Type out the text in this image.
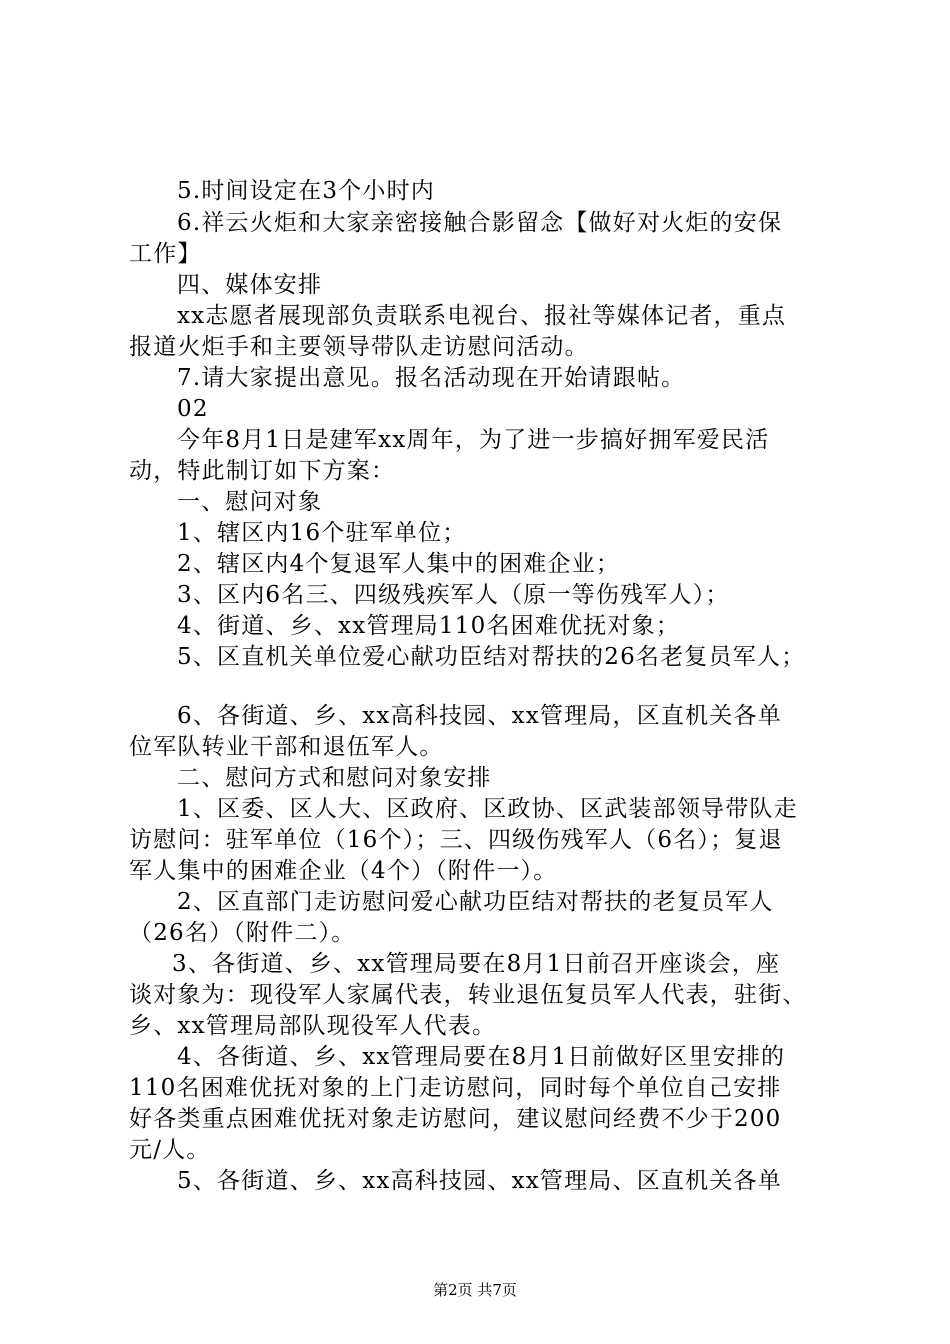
5.时间设定在3个小时内
6.祥云火炬和大家亲密接触合影留念【做好对火炬的安保
工作】
四、媒体安排
xx志愿者展现部负责联系电视台、报社等媒体记者，重点
报道火炬手和主要领导带队走访慰问活动。
7.请大家提出意见。报名活动现在开始请跟帖。
02
今年8月1日是建军xx周年，为了进一步搞好拥军爱民活
动，特此制订如下方案：
一、慰问对象
1、辖区内16个驻军单位；
2、辖区内4个复退军人集中的困难企业；
3、区内6名三、四级残疾军人（原一等伤残军人）；
4、街道、乡、xx管理局110名困难优抚对象；
5、区直机关单位爱心献功臣结对帮扶的26名老复员军人；
6、各街道、乡、xx高科技园、xx管理局，区直机关各单
位军队转业干部和退伍军人。
二、慰问方式和慰问对象安排
1、区委、区人大、区政府、区政协、区武装部领导带队走
访慰问：驻军单位（16个）；三、四级伤残军人（6名）；复退
军人集中的困难企业（4个）（附件一）。
2、区直部门走访慰问爱心献功臣结对帮扶的老复员军人
（26名）（附件二）。
3、各街道、乡、xx管理局要在8月1日前召开座谈会，座
谈对象为：现役军人家属代表，转业退伍复员军人代表，驻街、
乡、xx管理局部队现役军人代表。
4、各街道、乡、xx管理局要在8月1日前做好区里安排的
110名困难优抚对象的上门走访慰问，同时每个单位自己安排
好各类重点困难优抚对象走访慰问，建议慰问经费不少于200
元/人。
5、各街道、乡、xx高科技园、xx管理局、区直机关各单
第2页 共7页
